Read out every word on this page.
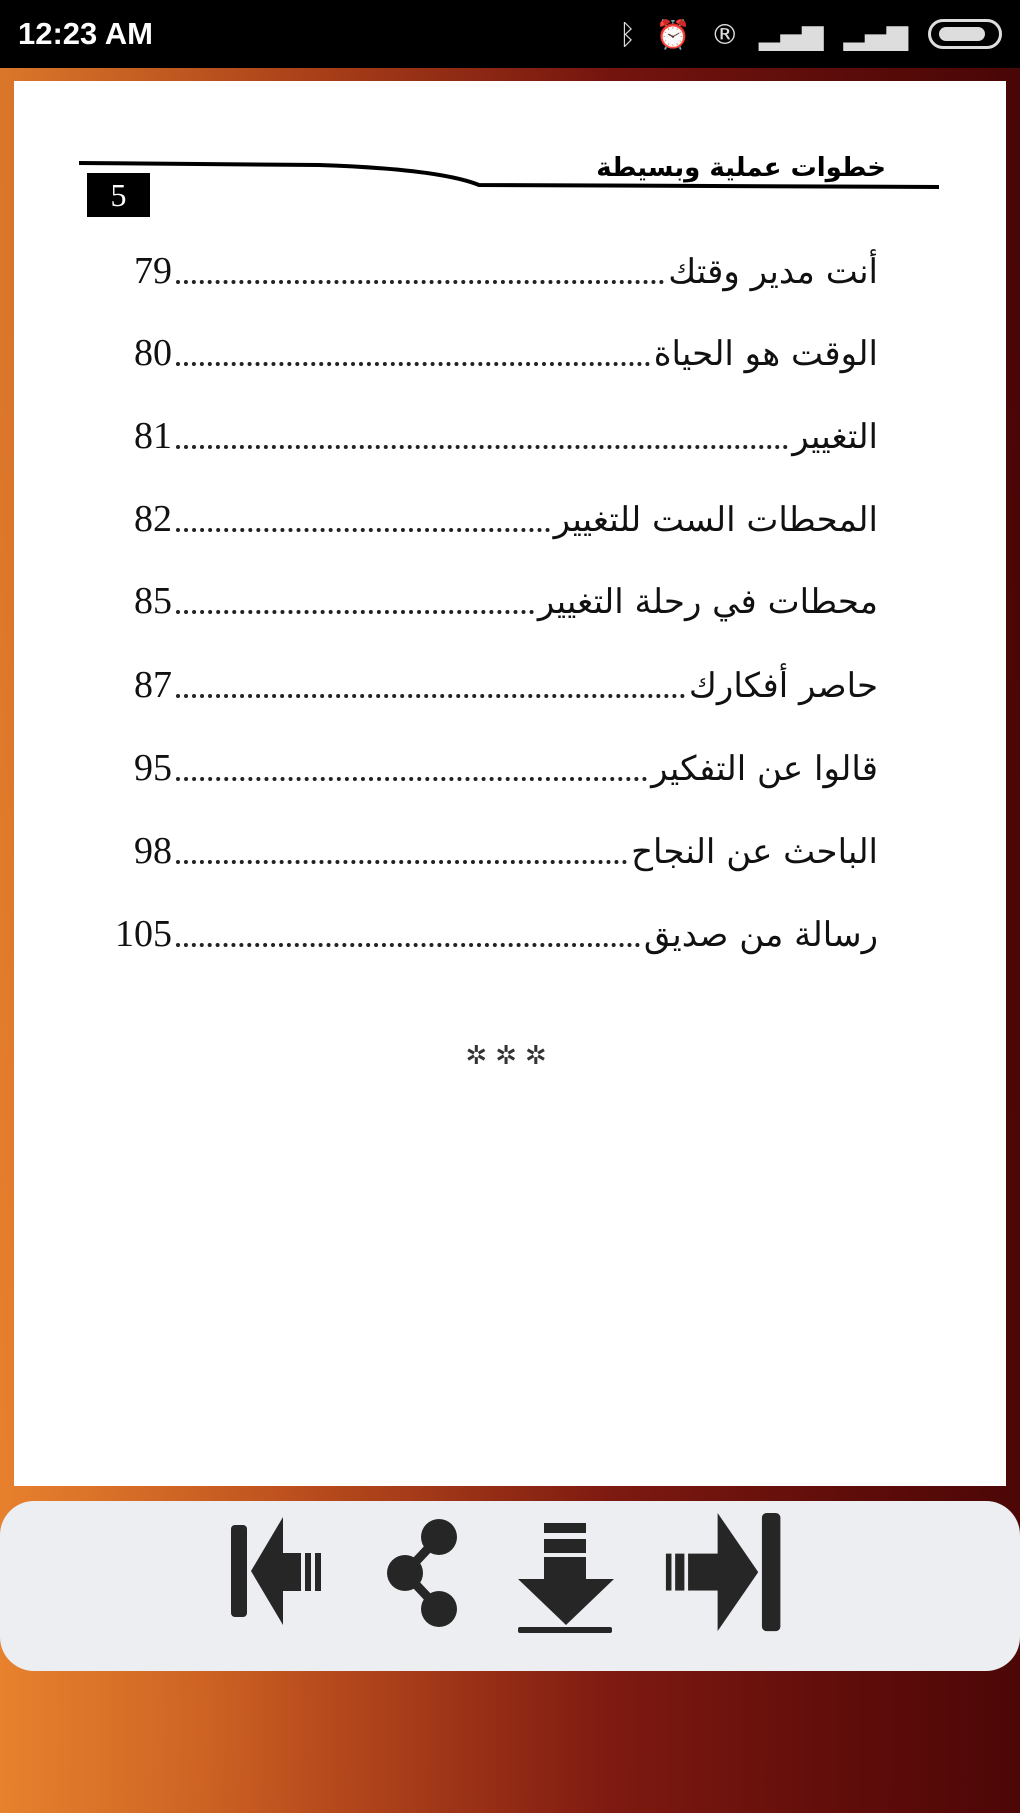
12:23 AM	ᛒ ⏰ ® ▂▄▆ ▂▄▆
خطوات عملية وبسيطة
5
79	أنت مدير وقتك
80	الوقت هو الحياة
81	التغيير
82	المحطات الست للتغيير
85	محطات في رحلة التغيير
87	حاصر أفكارك
95	قالوا عن التفكير
98	الباحث عن النجاح
105	رسالة من صديق
✲✲✲
